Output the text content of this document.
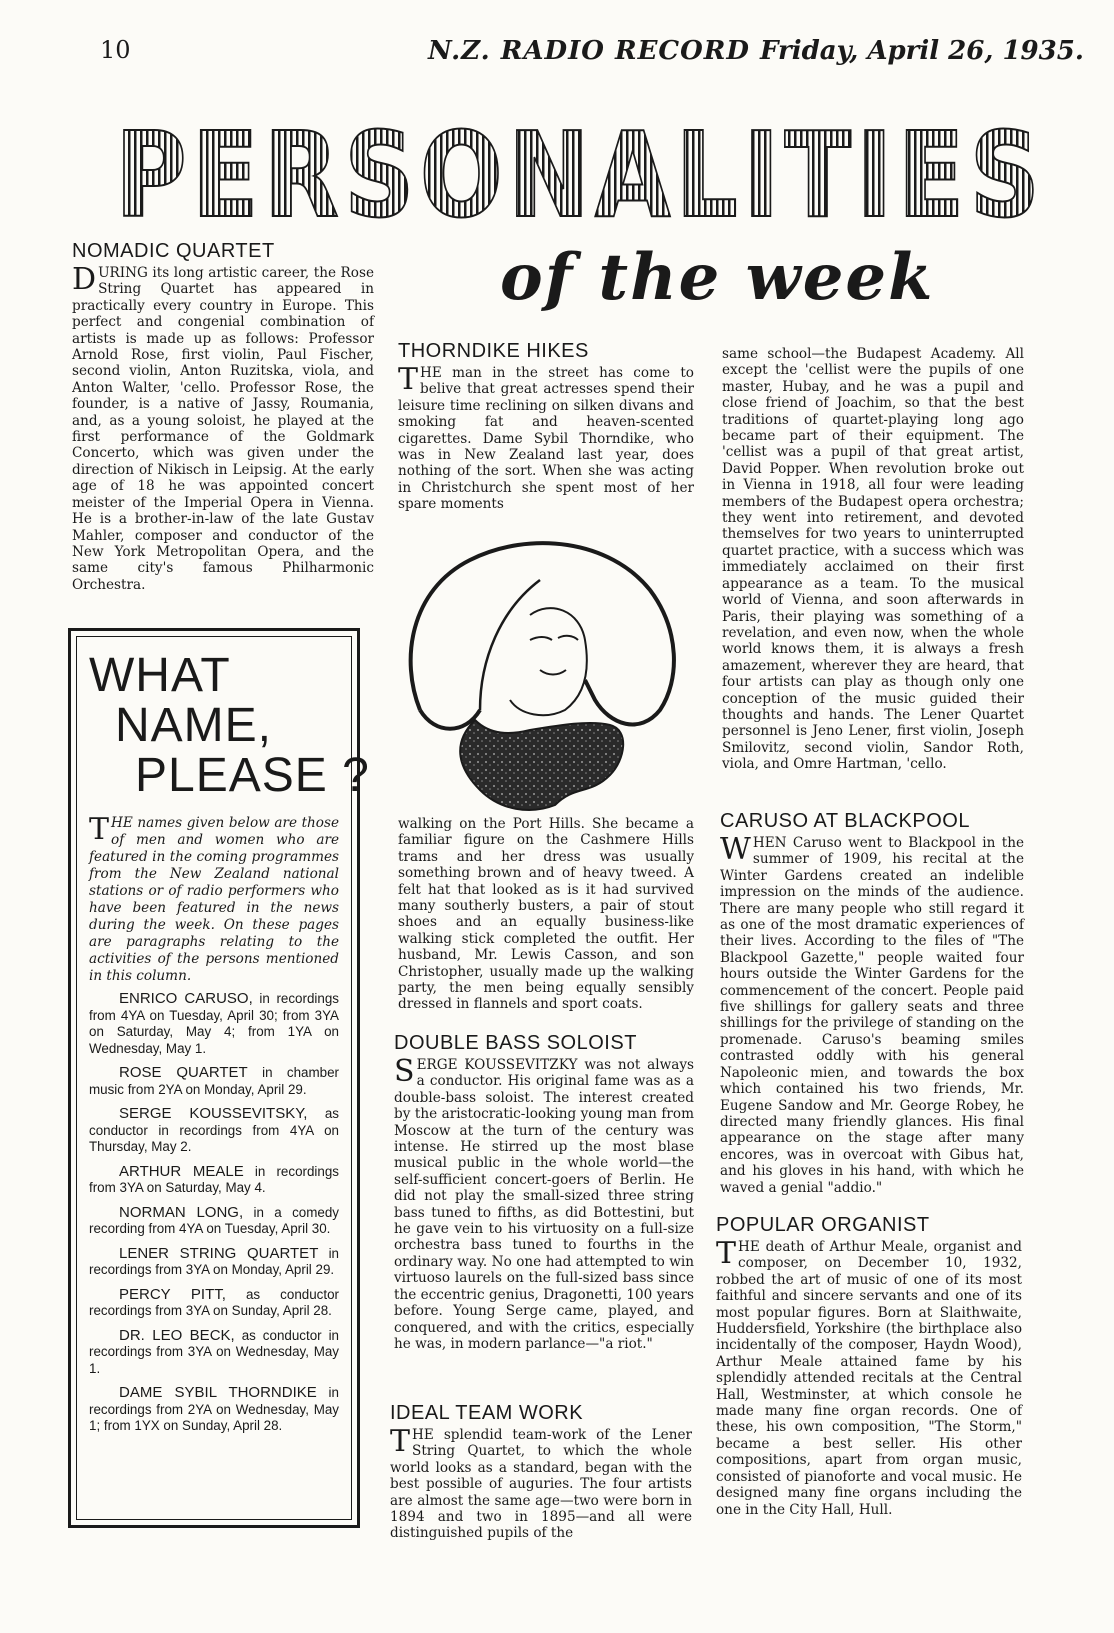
10	N.Z. RADIO RECORD Friday, April 26, 1935.
PERSONALITIES
of the week
NOMADIC QUARTET

DURING its long artistic career, the Rose String Quartet has appeared in practically every country in Europe. This perfect and congenial combination of artists is made up as follows: Professor Arnold Rose, first violin, Paul Fischer, second violin, Anton Ruzitska, viola, and Anton Walter, 'cello. Professor Rose, the founder, is a native of Jassy, Roumania, and, as a young soloist, he played at the first performance of the Goldmark Concerto, which was given under the direction of Nikisch in Leipsig. At the early age of 18 he was appointed concert meister of the Imperial Opera in Vienna. He is a brother-in-law of the late Gustav Mahler, composer and conductor of the New York Metropolitan Opera, and the same city's famous Philharmonic Orchestra.

WHAT
NAME,
PLEASE ?

THE names given below are those of men and women who are featured in the coming programmes from the New Zealand national stations or of radio performers who have been featured in the news during the week. On these pages are paragraphs relating to the activities of the persons mentioned in this column.

ENRICO CARUSO, in recordings from 4YA on Tuesday, April 30; from 3YA on Saturday, May 4; from 1YA on Wednesday, May 1.

ROSE QUARTET in chamber music from 2YA on Monday, April 29.

SERGE KOUSSEVITSKY, as conductor in recordings from 4YA on Thursday, May 2.

ARTHUR MEALE in recordings from 3YA on Saturday, May 4.

NORMAN LONG, in a comedy recording from 4YA on Tuesday, April 30.

LENER STRING QUARTET in recordings from 3YA on Monday, April 29.

PERCY PITT, as conductor recordings from 3YA on Sunday, April 28.

DR. LEO BECK, as conductor in recordings from 3YA on Wednesday, May 1.

DAME SYBIL THORNDIKE in recordings from 2YA on Wednesday, May 1; from 1YX on Sunday, April 28.

THORNDIKE HIKES

THE man in the street has come to belive that great actresses spend their leisure time reclining on silken divans and smoking fat and heaven-scented cigarettes. Dame Sybil Thorndike, who was in New Zealand last year, does nothing of the sort. When she was acting in Christchurch she spent most of her spare moments

walking on the Port Hills. She became a familiar figure on the Cashmere Hills trams and her dress was usually something brown and of heavy tweed. A felt hat that looked as is it had survived many southerly busters, a pair of stout shoes and an equally business-like walking stick completed the outfit. Her husband, Mr. Lewis Casson, and son Christopher, usually made up the walking party, the men being equally sensibly dressed in flannels and sport coats.

DOUBLE BASS SOLOIST

SERGE KOUSSEVITZKY was not always a conductor. His original fame was as a double-bass soloist. The interest created by the aristocratic-looking young man from Moscow at the turn of the century was intense. He stirred up the most blase musical public in the whole world—the self-sufficient concert-goers of Berlin. He did not play the small-sized three string bass tuned to fifths, as did Bottestini, but he gave vein to his virtuosity on a full-size orchestra bass tuned to fourths in the ordinary way. No one had attempted to win virtuoso laurels on the full-sized bass since the eccentric genius, Dragonetti, 100 years before. Young Serge came, played, and conquered, and with the critics, especially he was, in modern parlance—"a riot."

IDEAL TEAM WORK

THE splendid team-work of the Lener String Quartet, to which the whole world looks as a standard, began with the best possible of auguries. The four artists are almost the same age—two were born in 1894 and two in 1895—and all were distinguished pupils of the

same school—the Budapest Academy. All except the 'cellist were the pupils of one master, Hubay, and he was a pupil and close friend of Joachim, so that the best traditions of quartet-playing long ago became part of their equipment. The 'cellist was a pupil of that great artist, David Popper. When revolution broke out in Vienna in 1918, all four were leading members of the Budapest opera orchestra; they went into retirement, and devoted themselves for two years to uninterrupted quartet practice, with a success which was immediately acclaimed on their first appearance as a team. To the musical world of Vienna, and soon afterwards in Paris, their playing was something of a revelation, and even now, when the whole world knows them, it is always a fresh amazement, wherever they are heard, that four artists can play as though only one conception of the music guided their thoughts and hands. The Lener Quartet personnel is Jeno Lener, first violin, Joseph Smilovitz, second violin, Sandor Roth, viola, and Omre Hartman, 'cello.

CARUSO AT BLACKPOOL

WHEN Caruso went to Blackpool in the summer of 1909, his recital at the Winter Gardens created an indelible impression on the minds of the audience. There are many people who still regard it as one of the most dramatic experiences of their lives. According to the files of "The Blackpool Gazette," people waited four hours outside the Winter Gardens for the commencement of the concert. People paid five shillings for gallery seats and three shillings for the privilege of standing on the promenade. Caruso's beaming smiles contrasted oddly with his general Napoleonic mien, and towards the box which contained his two friends, Mr. Eugene Sandow and Mr. George Robey, he directed many friendly glances. His final appearance on the stage after many encores, was in overcoat with Gibus hat, and his gloves in his hand, with which he waved a genial "addio."

POPULAR ORGANIST

THE death of Arthur Meale, organist and composer, on December 10, 1932, robbed the art of music of one of its most faithful and sincere servants and one of its most popular figures. Born at Slaithwaite, Huddersfield, Yorkshire (the birthplace also incidentally of the composer, Haydn Wood), Arthur Meale attained fame by his splendidly attended recitals at the Central Hall, Westminster, at which console he made many fine organ records. One of these, his own composition, "The Storm," became a best seller. His other compositions, apart from organ music, consisted of pianoforte and vocal music. He designed many fine organs including the one in the City Hall, Hull.
